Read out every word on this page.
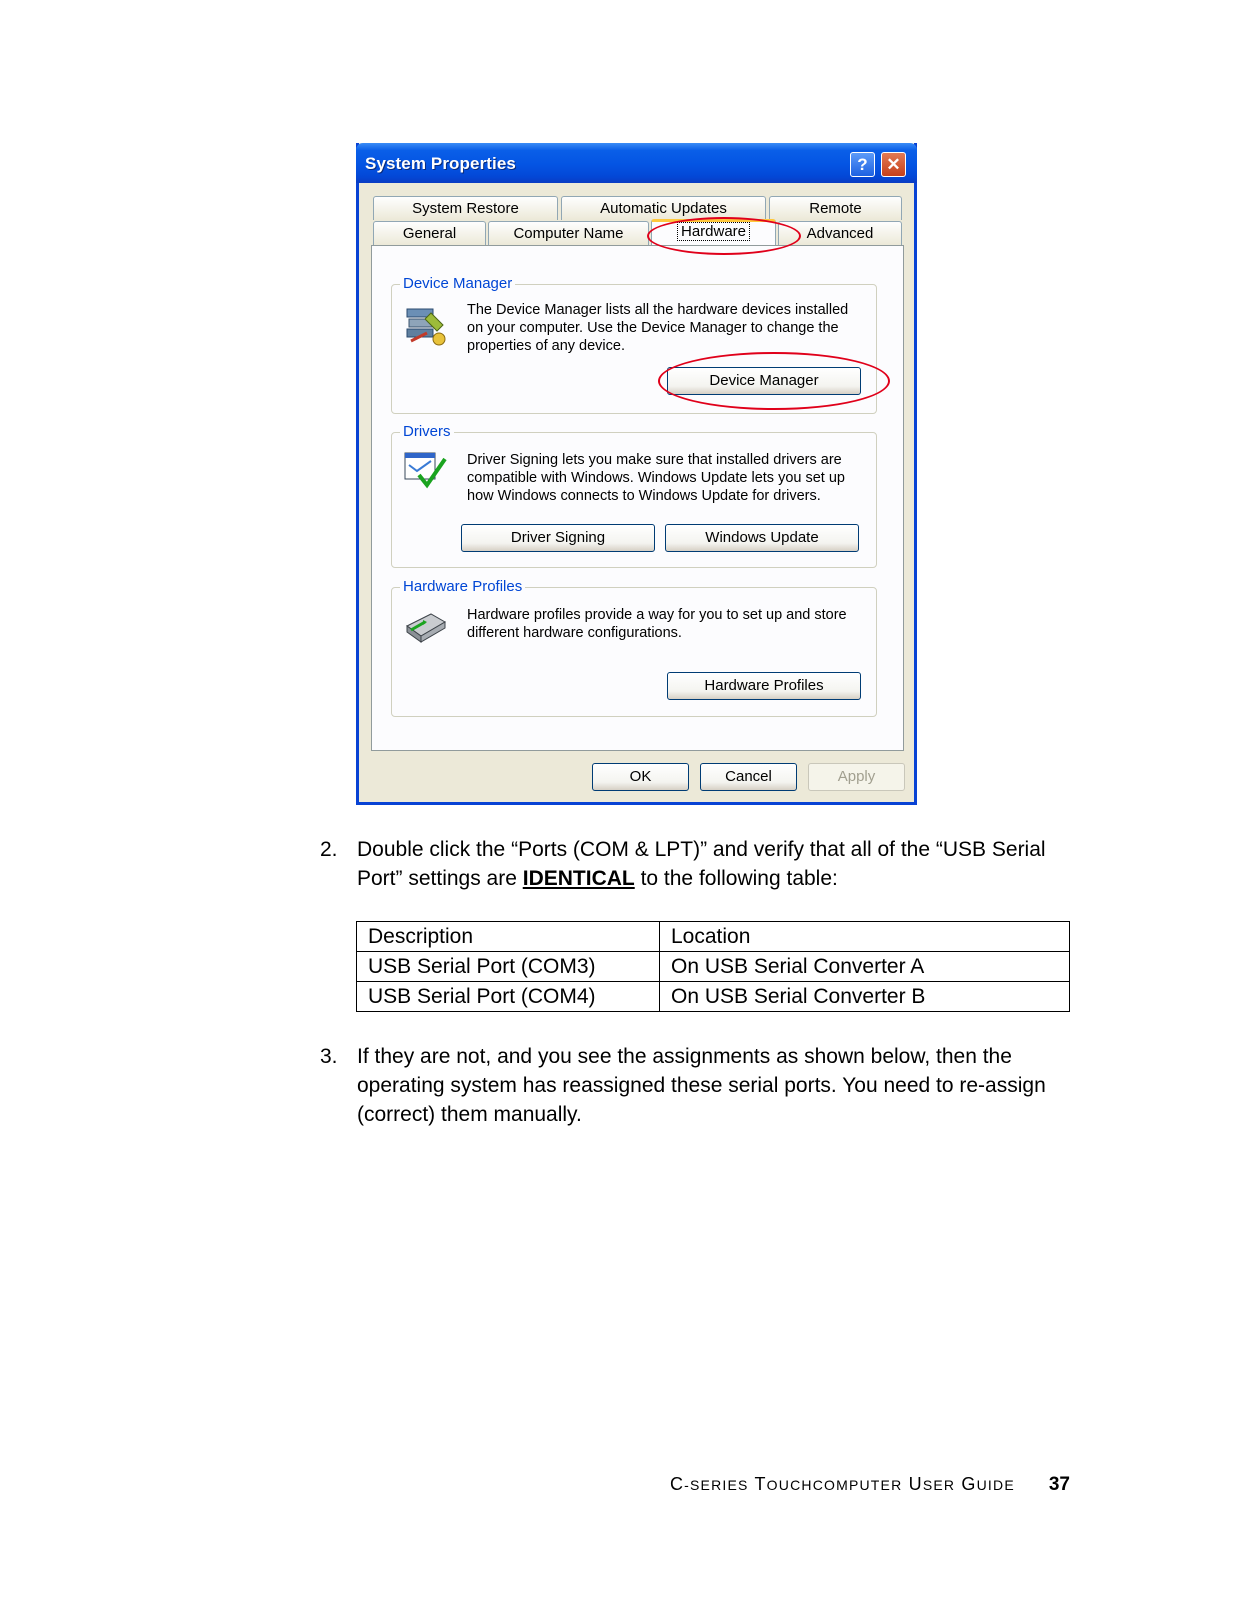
System Properties	?	✕
System Restore	Automatic Updates	Remote
General	Computer Name	Hardware	Advanced
Device Manager
The Device Manager lists all the hardware devices installed
on your computer. Use the Device Manager to change the
properties of any device.
Device Manager
Drivers
Driver Signing lets you make sure that installed drivers are
compatible with Windows. Windows Update lets you set up
how Windows connects to Windows Update for drivers.
Driver Signing	Windows Update
Hardware Profiles
Hardware profiles provide a way for you to set up and store
different hardware configurations.
Hardware Profiles
OK	Cancel	Apply
2. Double click the “Ports (COM & LPT)” and verify that all of the “USB Serial
Port” settings are IDENTICAL to the following table:
Description	Location
USB Serial Port (COM3)	On USB Serial Converter A
USB Serial Port (COM4)	On USB Serial Converter B
3. If they are not, and you see the assignments as shown below, then the
operating system has reassigned these serial ports. You need to re-assign
(correct) them manually.
C-SERIES TOUCHCOMPUTER USER GUIDE 37
